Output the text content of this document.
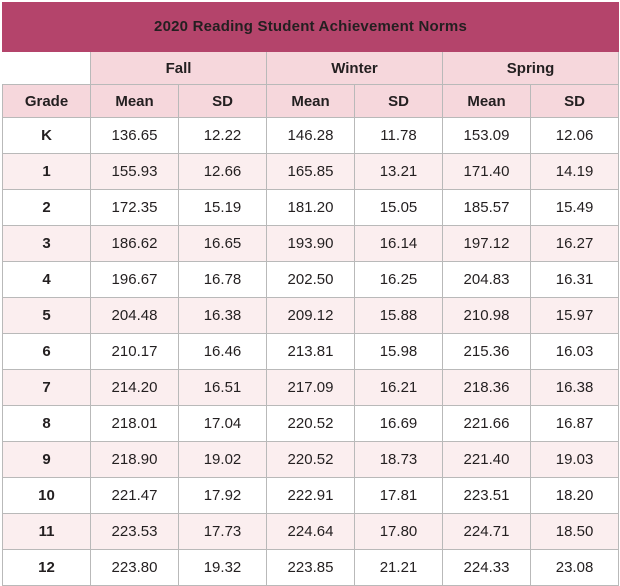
2020 Reading Student Achievement Norms						
	Fall		Winter		Spring	
Grade	Mean	SD	Mean	SD	Mean	SD
K	136.65	12.22	146.28	11.78	153.09	12.06
1	155.93	12.66	165.85	13.21	171.40	14.19
2	172.35	15.19	181.20	15.05	185.57	15.49
3	186.62	16.65	193.90	16.14	197.12	16.27
4	196.67	16.78	202.50	16.25	204.83	16.31
5	204.48	16.38	209.12	15.88	210.98	15.97
6	210.17	16.46	213.81	15.98	215.36	16.03
7	214.20	16.51	217.09	16.21	218.36	16.38
8	218.01	17.04	220.52	16.69	221.66	16.87
9	218.90	19.02	220.52	18.73	221.40	19.03
10	221.47	17.92	222.91	17.81	223.51	18.20
11	223.53	17.73	224.64	17.80	224.71	18.50
12	223.80	19.32	223.85	21.21	224.33	23.08
